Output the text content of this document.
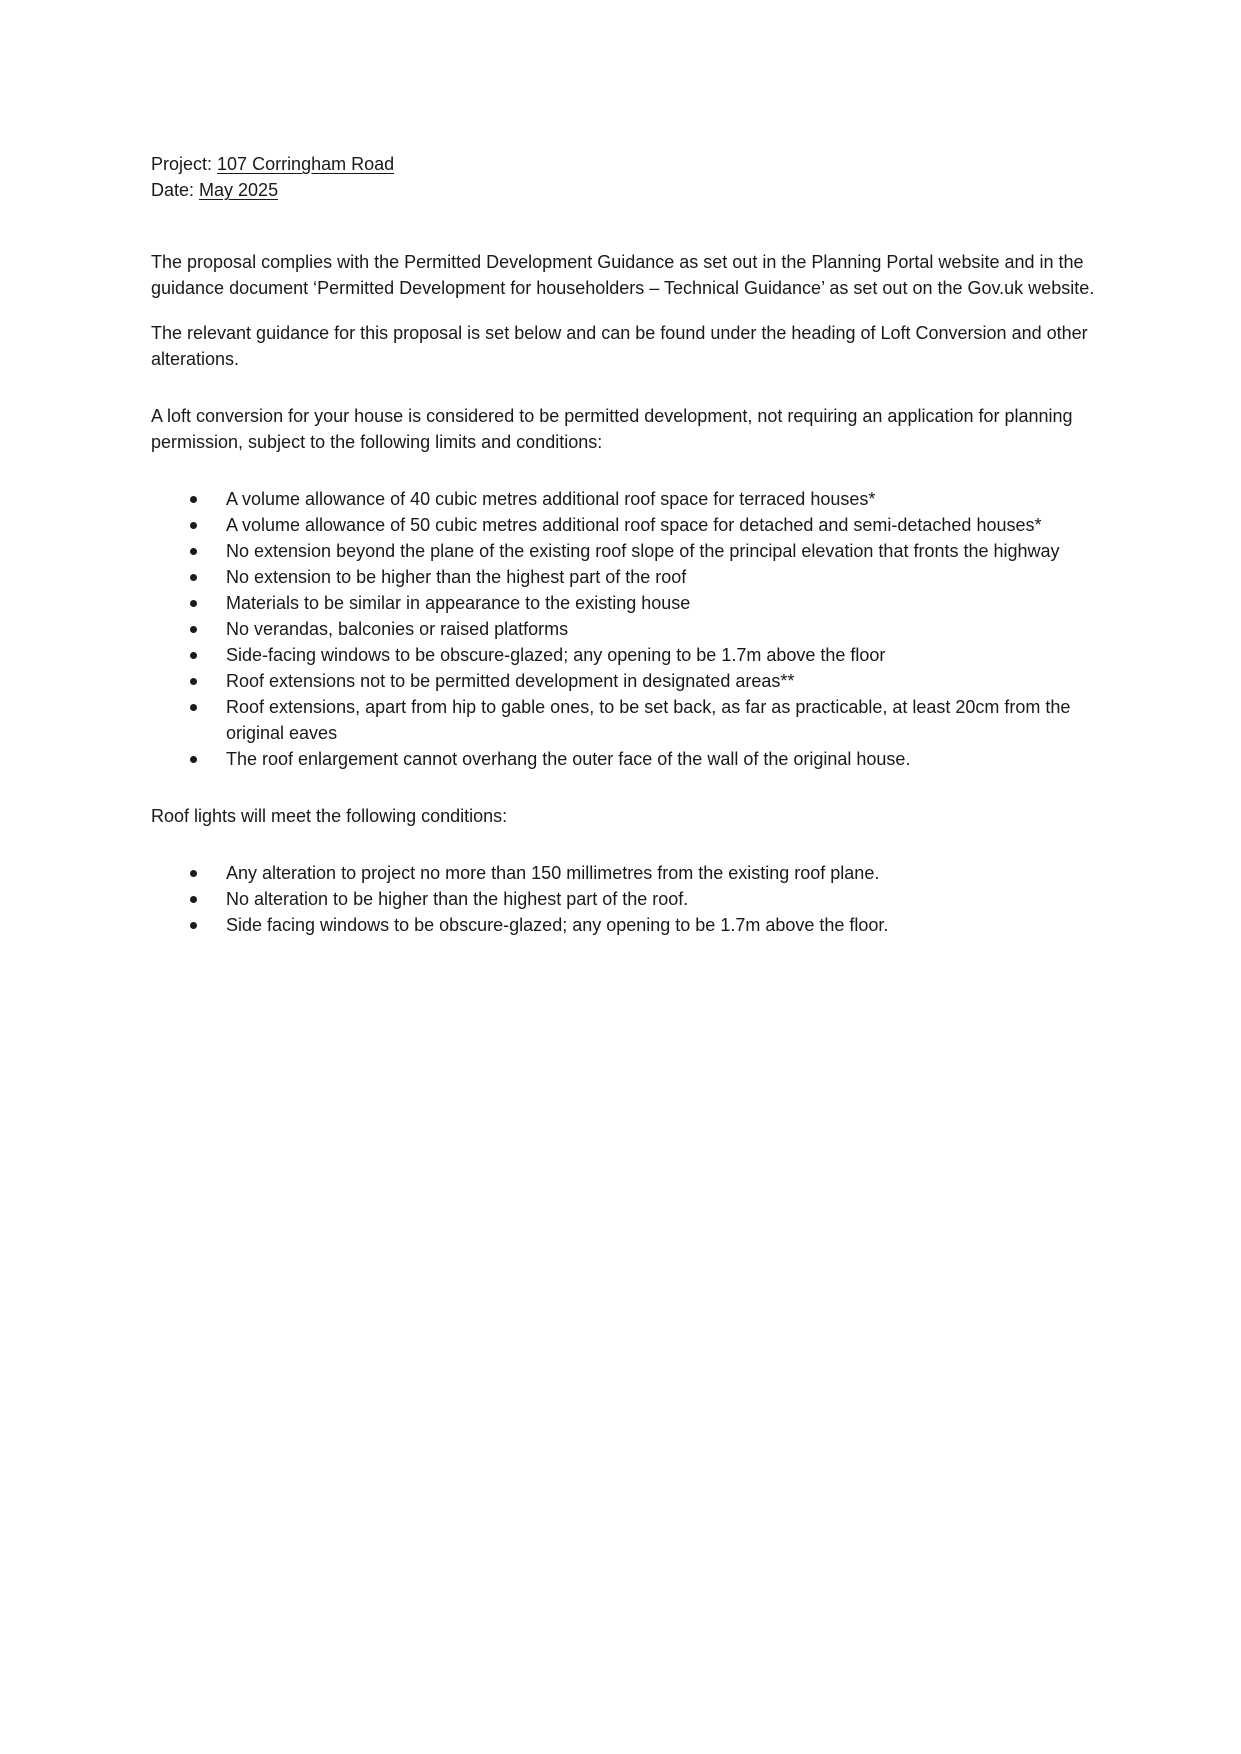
Project: 107 Corringham Road

Date: May 2025

The proposal complies with the Permitted Development Guidance as set out in the Planning Portal website and in the guidance document ‘Permitted Development for householders – Technical Guidance’ as set out on the Gov.uk website.

The relevant guidance for this proposal is set below and can be found under the heading of Loft Conversion and other alterations.

A loft conversion for your house is considered to be permitted development, not requiring an application for planning permission, subject to the following limits and conditions:

A volume allowance of 40 cubic metres additional roof space for terraced houses*
A volume allowance of 50 cubic metres additional roof space for detached and semi-detached houses*
No extension beyond the plane of the existing roof slope of the principal elevation that fronts the highway
No extension to be higher than the highest part of the roof
Materials to be similar in appearance to the existing house
No verandas, balconies or raised platforms
Side-facing windows to be obscure-glazed; any opening to be 1.7m above the floor
Roof extensions not to be permitted development in designated areas**
Roof extensions, apart from hip to gable ones, to be set back, as far as practicable, at least 20cm from the original eaves
The roof enlargement cannot overhang the outer face of the wall of the original house.

Roof lights will meet the following conditions:

Any alteration to project no more than 150 millimetres from the existing roof plane.
No alteration to be higher than the highest part of the roof.
Side facing windows to be obscure-glazed; any opening to be 1.7m above the floor.
